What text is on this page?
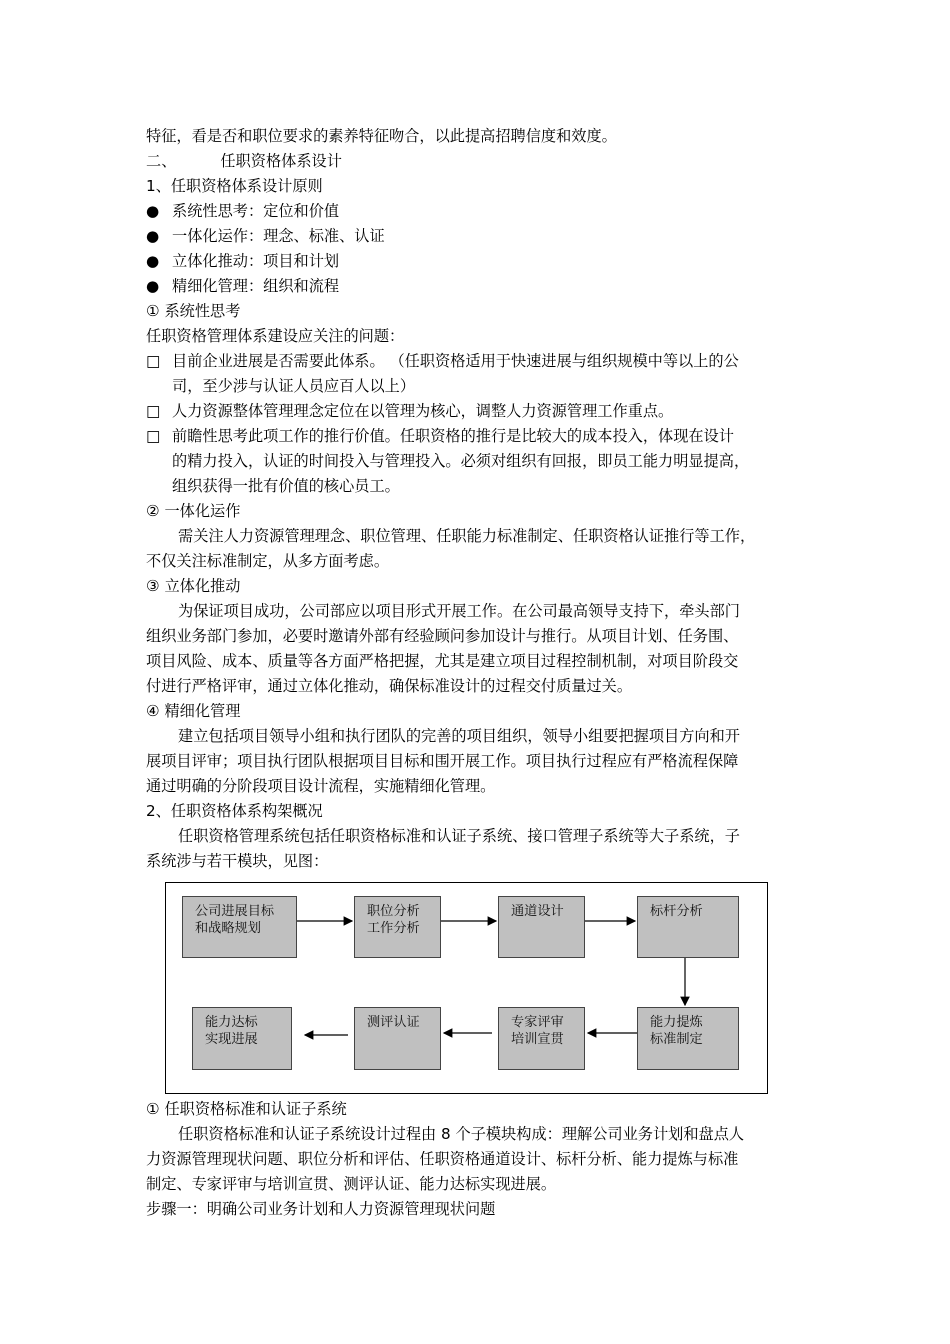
特征，看是否和职位要求的素养特征吻合，以此提高招聘信度和效度。
二、	任职资格体系设计
1、任职资格体系设计原则
● 系统性思考：定位和价值
● 一体化运作：理念、标准、认证
● 立体化推动：项目和计划
● 精细化管理：组织和流程
① 系统性思考
任职资格管理体系建设应关注的问题：
□ 目前企业进展是否需要此体系。 （任职资格适用于快速进展与组织规模中等以上的公
司，至少涉与认证人员应百人以上）
□ 人力资源整体管理理念定位在以管理为核心，调整人力资源管理工作重点。
□ 前瞻性思考此项工作的推行价值。任职资格的推行是比较大的成本投入，体现在设计
的精力投入，认证的时间投入与管理投入。必须对组织有回报，即员工能力明显提高，
组织获得一批有价值的核心员工。
② 一体化运作
需关注人力资源管理理念、职位管理、任职能力标准制定、任职资格认证推行等工作，
不仅关注标准制定，从多方面考虑。
③ 立体化推动
为保证项目成功，公司部应以项目形式开展工作。在公司最高领导支持下，牵头部门
组织业务部门参加，必要时邀请外部有经验顾问参加设计与推行。从项目计划、任务围、
项目风险、成本、质量等各方面严格把握，尤其是建立项目过程控制机制，对项目阶段交
付进行严格评审，通过立体化推动，确保标准设计的过程交付质量过关。
④ 精细化管理
建立包括项目领导小组和执行团队的完善的项目组织，领导小组要把握项目方向和开
展项目评审；项目执行团队根据项目目标和围开展工作。项目执行过程应有严格流程保障
通过明确的分阶段项目设计流程，实施精细化管理。
2、任职资格体系构架概况
任职资格管理系统包括任职资格标准和认证子系统、接口管理子系统等大子系统，子
系统涉与若干模块，见图：
公司进展目标
和战略规划
职位分析
工作分析
通道设计	标杆分析
能力提炼
标准制定
专家评审
培训宣贯
测评认证
能力达标
实现进展
① 任职资格标准和认证子系统
任职资格标准和认证子系统设计过程由 8 个子模块构成：理解公司业务计划和盘点人
力资源管理现状问题、职位分析和评估、任职资格通道设计、标杆分析、能力提炼与标准
制定、专家评审与培训宣贯、测评认证、能力达标实现进展。
步骤一：明确公司业务计划和人力资源管理现状问题
